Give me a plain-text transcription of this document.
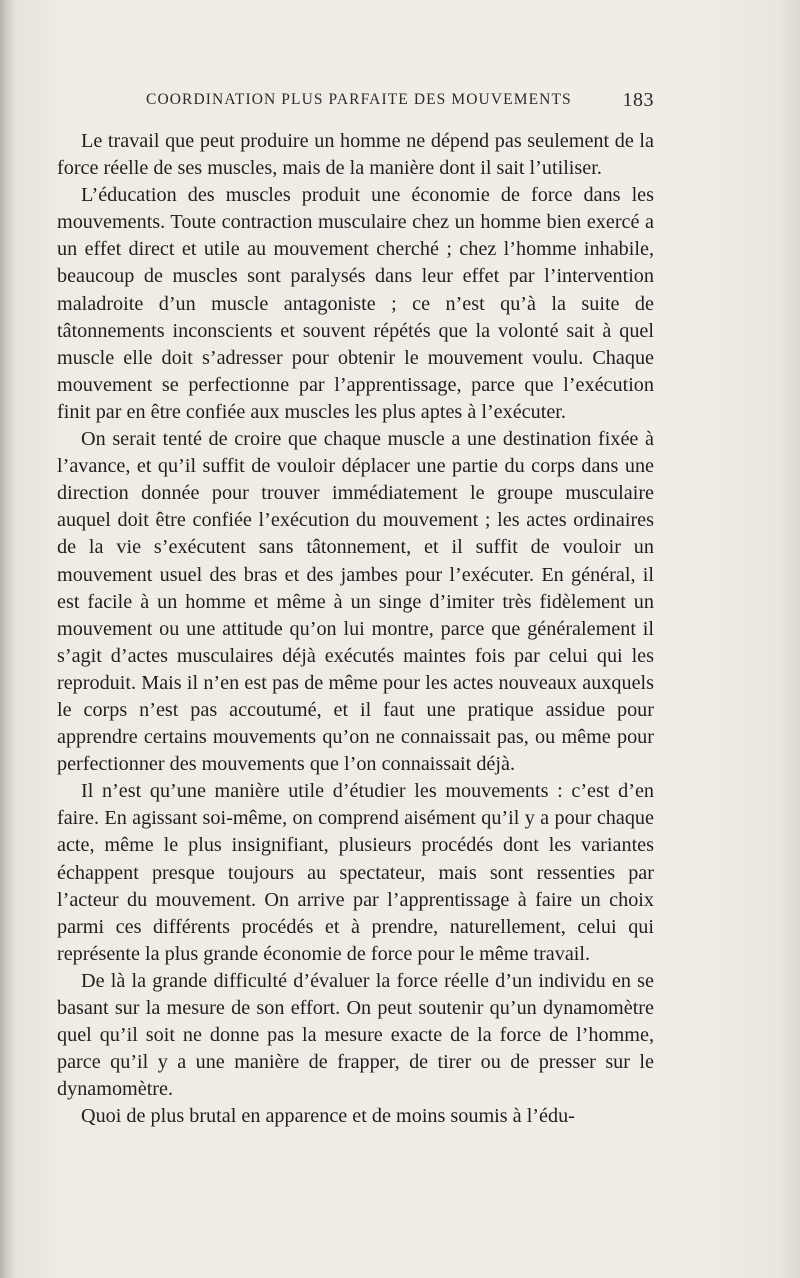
COORDINATION PLUS PARFAITE DES MOUVEMENTS	183

Le travail que peut produire un homme ne dépend pas seulement de la force réelle de ses muscles, mais de la manière dont il sait l’utiliser.

L’éducation des muscles produit une économie de force dans les mouvements. Toute contraction musculaire chez un homme bien exercé a un effet direct et utile au mouvement cherché ; chez l’homme inhabile, beaucoup de muscles sont paralysés dans leur effet par l’intervention maladroite d’un muscle antagoniste ; ce n’est qu’à la suite de tâtonnements inconscients et souvent répétés que la volonté sait à quel muscle elle doit s’adresser pour obtenir le mouvement voulu. Chaque mouvement se perfectionne par l’apprentissage, parce que l’exécution finit par en être confiée aux muscles les plus aptes à l’exécuter.

On serait tenté de croire que chaque muscle a une destination fixée à l’avance, et qu’il suffit de vouloir déplacer une partie du corps dans une direction donnée pour trouver immédiatement le groupe musculaire auquel doit être confiée l’exécution du mouvement ; les actes ordinaires de la vie s’exécutent sans tâtonnement, et il suffit de vouloir un mouvement usuel des bras et des jambes pour l’exécuter. En général, il est facile à un homme et même à un singe d’imiter très fidèlement un mouvement ou une attitude qu’on lui montre, parce que généralement il s’agit d’actes musculaires déjà exécutés maintes fois par celui qui les reproduit. Mais il n’en est pas de même pour les actes nouveaux auxquels le corps n’est pas accoutumé, et il faut une pratique assidue pour apprendre certains mouvements qu’on ne connaissait pas, ou même pour perfectionner des mouvements que l’on connaissait déjà.

Il n’est qu’une manière utile d’étudier les mouvements : c’est d’en faire. En agissant soi-même, on comprend aisément qu’il y a pour chaque acte, même le plus insignifiant, plusieurs procédés dont les variantes échappent presque toujours au spectateur, mais sont ressenties par l’acteur du mouvement. On arrive par l’apprentissage à faire un choix parmi ces différents procédés et à prendre, naturellement, celui qui représente la plus grande économie de force pour le même travail.

De là la grande difficulté d’évaluer la force réelle d’un individu en se basant sur la mesure de son effort. On peut soutenir qu’un dynamomètre quel qu’il soit ne donne pas la mesure exacte de la force de l’homme, parce qu’il y a une manière de frapper, de tirer ou de presser sur le dynamomètre.

Quoi de plus brutal en apparence et de moins soumis à l’édu-
